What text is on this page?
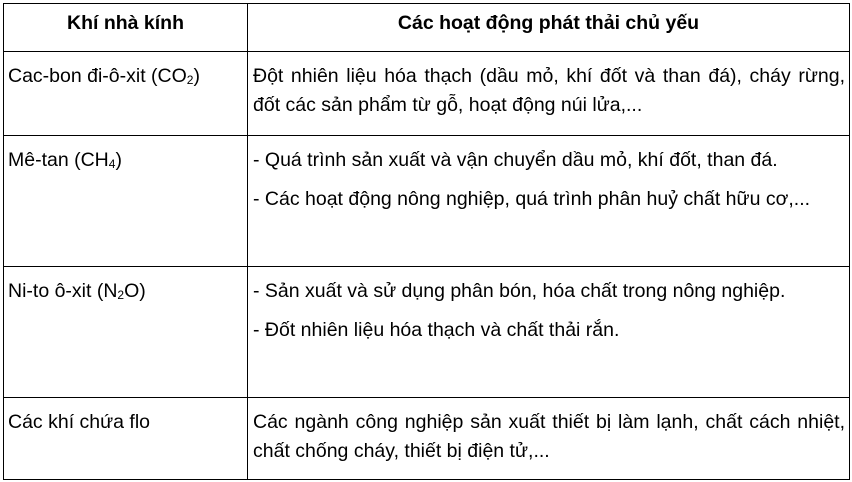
Khí nhà kính	Các hoạt động phát thải chủ yếu
Cac-bon đi-ô-xit $(CO_2)$	Đột nhiên liệu hóa thạch (dầu mỏ, khí đốt và than đá), cháy rừng, đốt các sản phẩm từ gỗ, hoạt động núi lửa,...

Mê-tan $(CH_4)$	- Quá trình sản xuất và vận chuyển dầu mỏ, khí đốt, than đá.

- Các hoạt động nông nghiệp, quá trình phân huỷ chất hữu cơ,...

Ni-to ô-xit $(N_2O)$	- Sản xuất và sử dụng phân bón, hóa chất trong nông nghiệp.

- Đốt nhiên liệu hóa thạch và chất thải rắn.

Các khí chứa flo	Các ngành công nghiệp sản xuất thiết bị làm lạnh, chất cách nhiệt, chất chống cháy, thiết bị điện tử,...
